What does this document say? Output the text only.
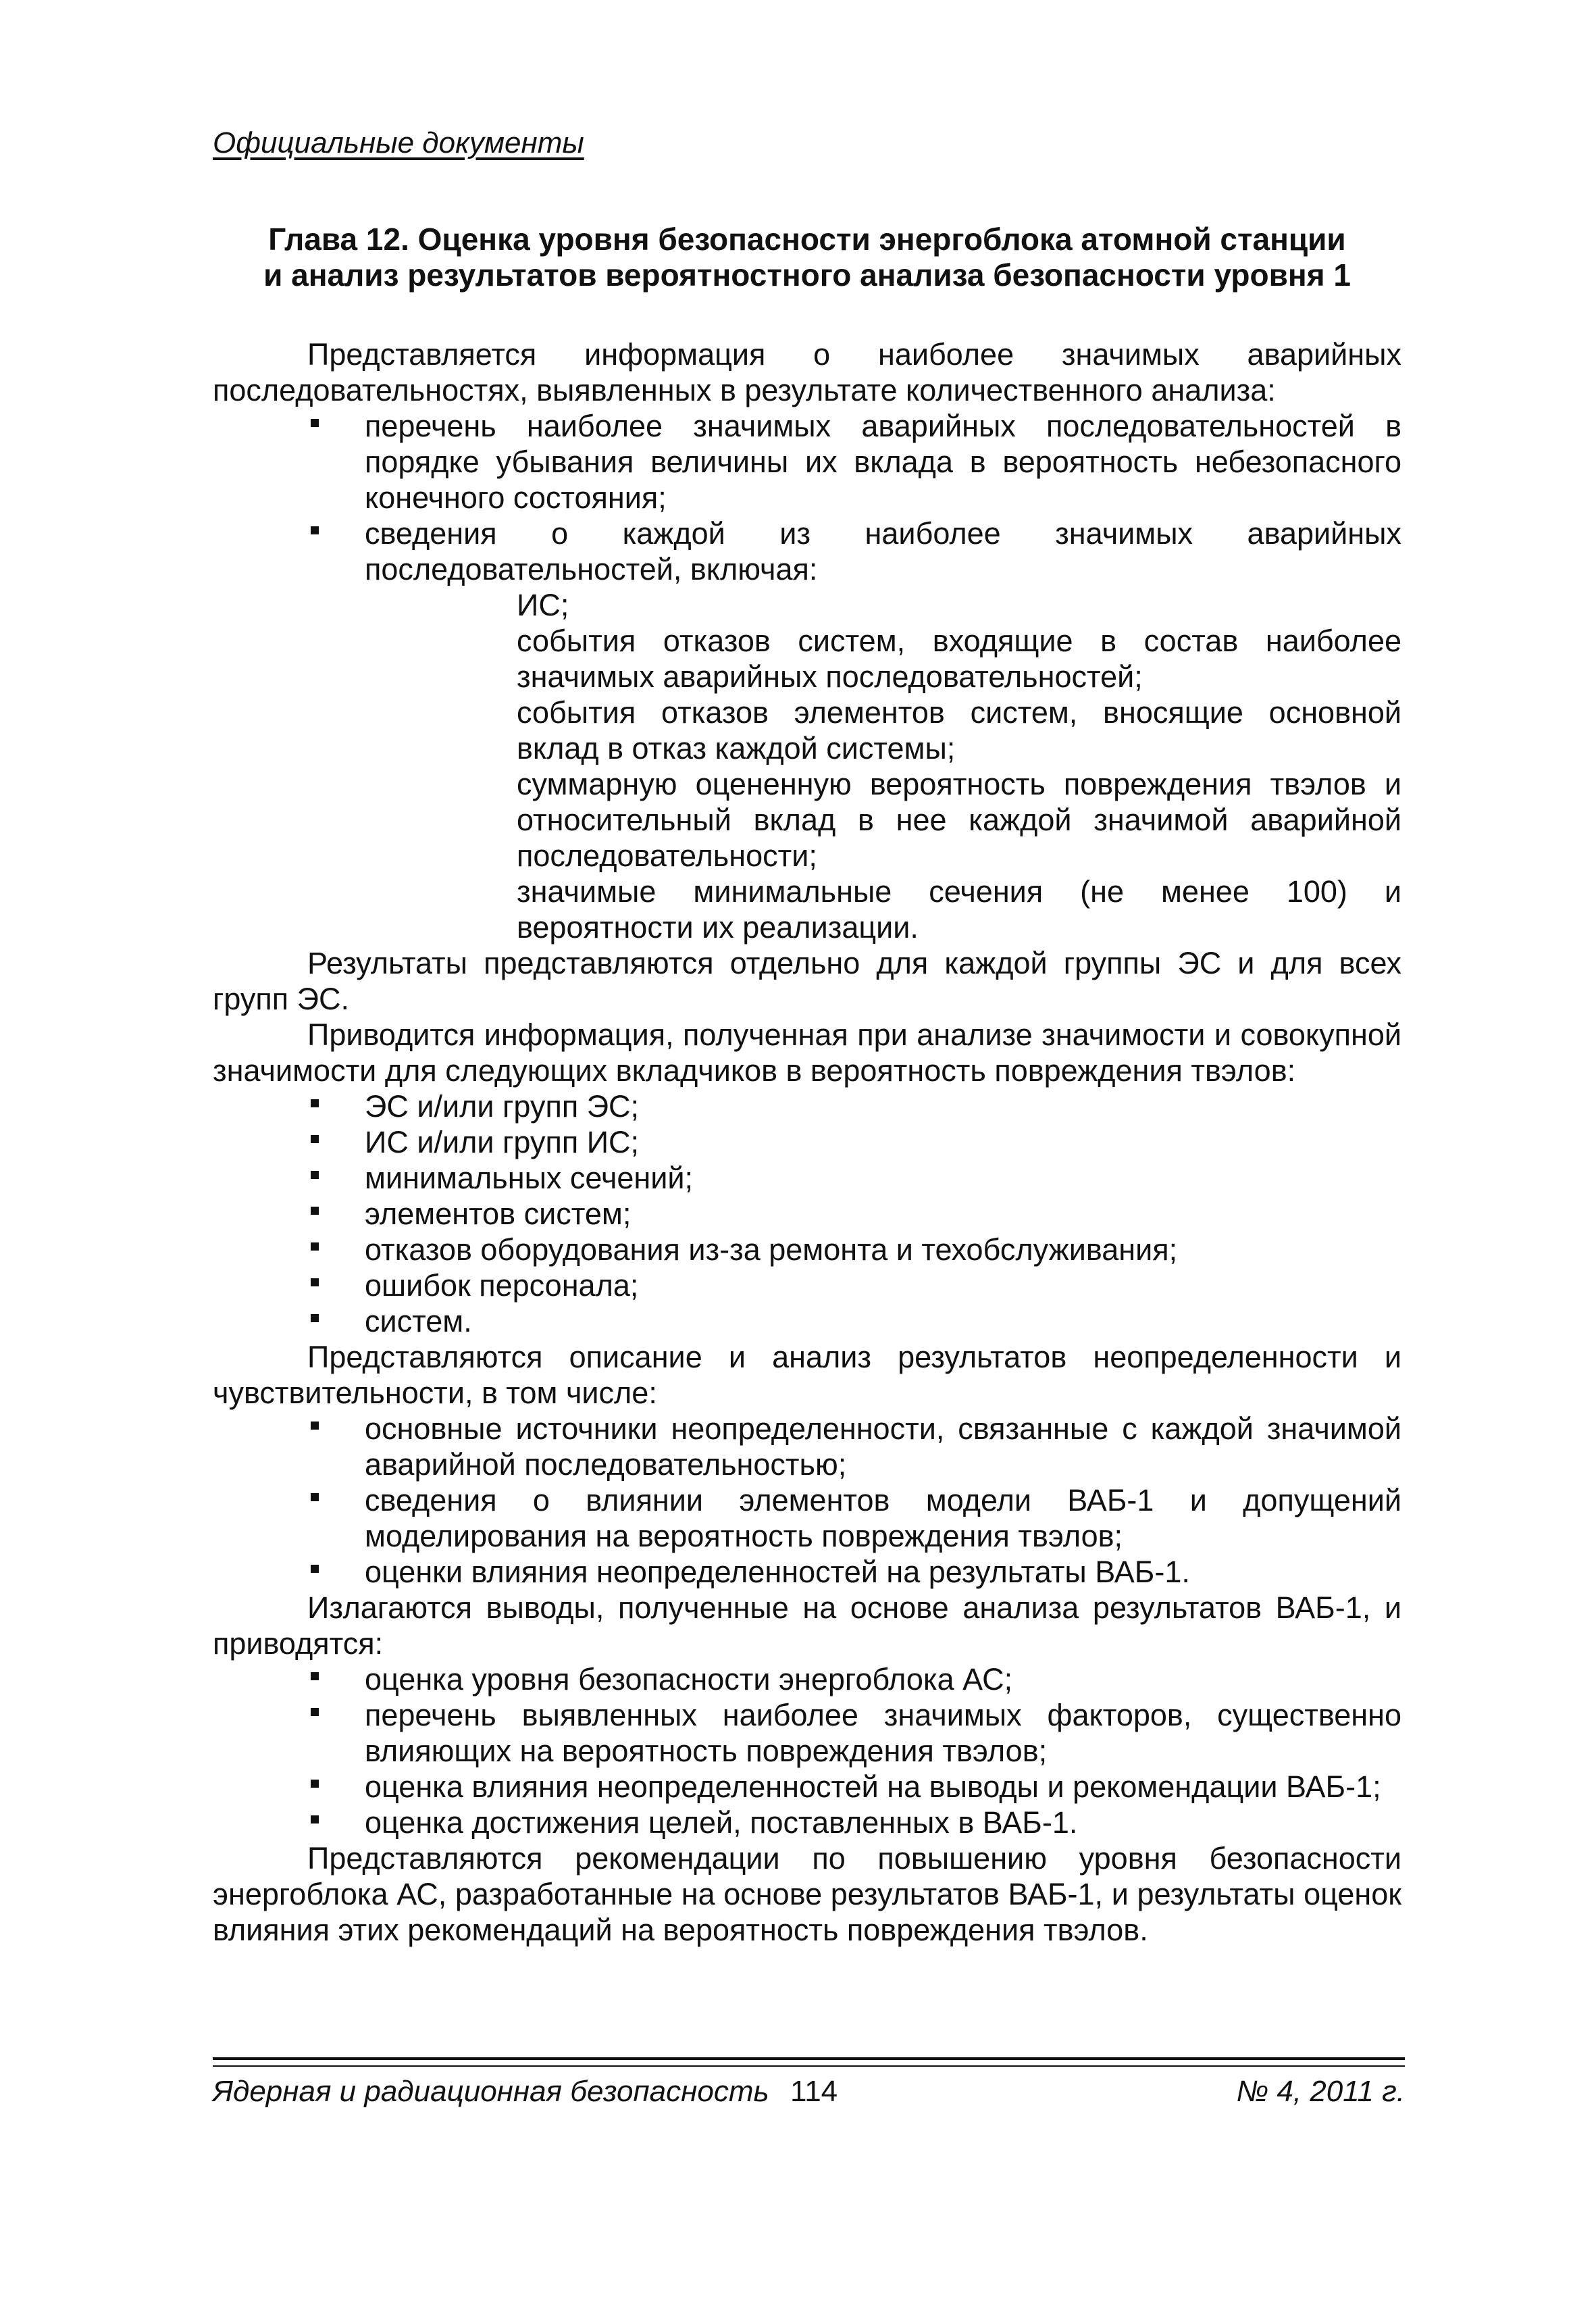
Официальные документы
Глава 12. Оценка уровня безопасности энергоблока атомной станции
и анализ результатов вероятностного анализа безопасности уровня 1

Представляется информация о наиболее значимых аварийных последовательностях, выявленных в результате количественного анализа:

перечень наиболее значимых аварийных последовательностей в порядке убывания величины их вклада в вероятность небезопасного конечного состояния;
сведения о каждой из наиболее значимых аварийных последовательностей, включая:
ИС;
события отказов систем, входящие в состав наиболее значимых аварийных последовательностей;
события отказов элементов систем, вносящие основной вклад в отказ каждой системы;
суммарную оцененную вероятность повреждения твэлов и относительный вклад в нее каждой значимой аварийной последовательности;
значимые минимальные сечения (не менее 100) и вероятности их реализации.

Результаты представляются отдельно для каждой группы ЭС и для всех групп ЭС.

Приводится информация, полученная при анализе значимости и совокупной значимости для следующих вкладчиков в вероятность повреждения твэлов:

ЭС и/или групп ЭС;
ИС и/или групп ИС;
минимальных сечений;
элементов систем;
отказов оборудования из-за ремонта и техобслуживания;
ошибок персонала;
систем.

Представляются описание и анализ результатов неопределенности и чувствительности, в том числе:

основные источники неопределенности, связанные с каждой значимой аварийной последовательностью;
сведения о влиянии элементов модели ВАБ-1 и допущений моделирования на вероятность повреждения твэлов;
оценки влияния неопределенностей на результаты ВАБ-1.

Излагаются выводы, полученные на основе анализа результатов ВАБ-1, и приводятся:

оценка уровня безопасности энергоблока АС;
перечень выявленных наиболее значимых факторов, существенно влияющих на вероятность повреждения твэлов;
оценка влияния неопределенностей на выводы и рекомендации ВАБ-1;
оценка достижения целей, поставленных в ВАБ-1.

Представляются рекомендации по повышению уровня безопасности энергоблока АС, разработанные на основе результатов ВАБ-1, и результаты оценок влияния этих рекомендаций на вероятность повреждения твэлов.

Ядерная и радиационная безопасность 114	№ 4, 2011 г.
